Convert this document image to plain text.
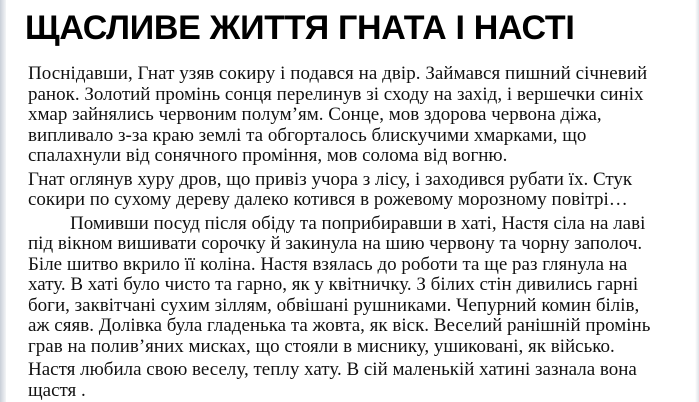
ЩАСЛИВЕ ЖИТТЯ ГНАТА І НАСТІ

Поснідавши, Гнат узяв сокиру і подався на двір. Займався пишний січневий
ранок. Золотий промінь сонця перелинув зі сходу на захід, і вершечки синіх
хмар зайнялись червоним полум’ям. Сонце, мов здорова червона діжа,
випливало з-за краю землі та обгорталось блискучими хмарками, що
спалахнули від сонячного проміння, мов солома від вогню.

Гнат оглянув хуру дров, що привіз учора з лісу, і заходився рубати їх. Стук
сокири по сухому дереву далеко котився в рожевому морозному повітрі…

Помивши посуд після обіду та поприбиравши в хаті, Настя сіла на лаві
під вікном вишивати сорочку й закинула на шию червону та чорну заполоч.
Біле шитво вкрило її коліна. Настя взялась до роботи та ще раз глянула на
хату. В хаті було чисто та гарно, як у квітничку. З білих стін дивились гарні
боги, заквітчані сухим зіллям, обвішані рушниками. Чепурний комин білів,
аж сяяв. Долівка була гладенька та жовта, як віск. Веселий ранішній промінь
грав на полив’яних мисках, що стояли в миснику, ушиковані, як військо.

Настя любила свою веселу, теплу хату. В сій маленькій хатині зазнала вона
щастя .
